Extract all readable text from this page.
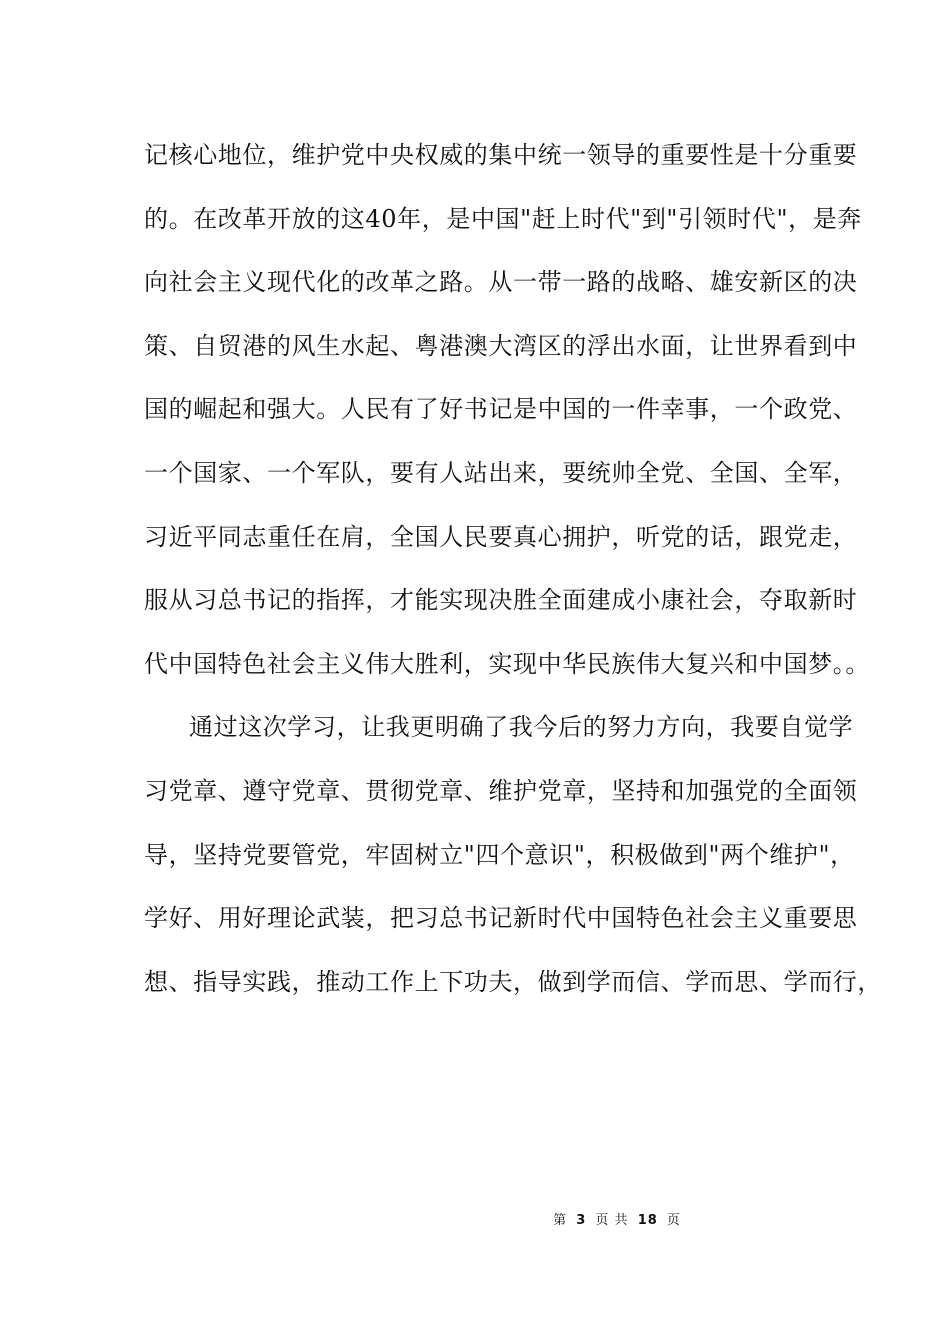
记核心地位，维护党中央权威的集中统一领导的重要性是十分重要
的。在改革开放的这40年，是中国"赶上时代"到"引领时代"，是奔
向社会主义现代化的改革之路。从一带一路的战略、雄安新区的决
策、自贸港的风生水起、粤港澳大湾区的浮出水面，让世界看到中
国的崛起和强大。人民有了好书记是中国的一件幸事，一个政党、
一个国家、一个军队，要有人站出来，要统帅全党、全国、全军，
习近平同志重任在肩，全国人民要真心拥护，听党的话，跟党走，
服从习总书记的指挥，才能实现决胜全面建成小康社会，夺取新时
代中国特色社会主义伟大胜利，实现中华民族伟大复兴和中国梦。。
通过这次学习，让我更明确了我今后的努力方向，我要自觉学
习党章、遵守党章、贯彻党章、维护党章，坚持和加强党的全面领
导，坚持党要管党，牢固树立"四个意识"，积极做到"两个维护"，
学好、用好理论武装，把习总书记新时代中国特色社会主义重要思
想、指导实践，推动工作上下功夫，做到学而信、学而思、学而行，
第 3 页 共 18 页
